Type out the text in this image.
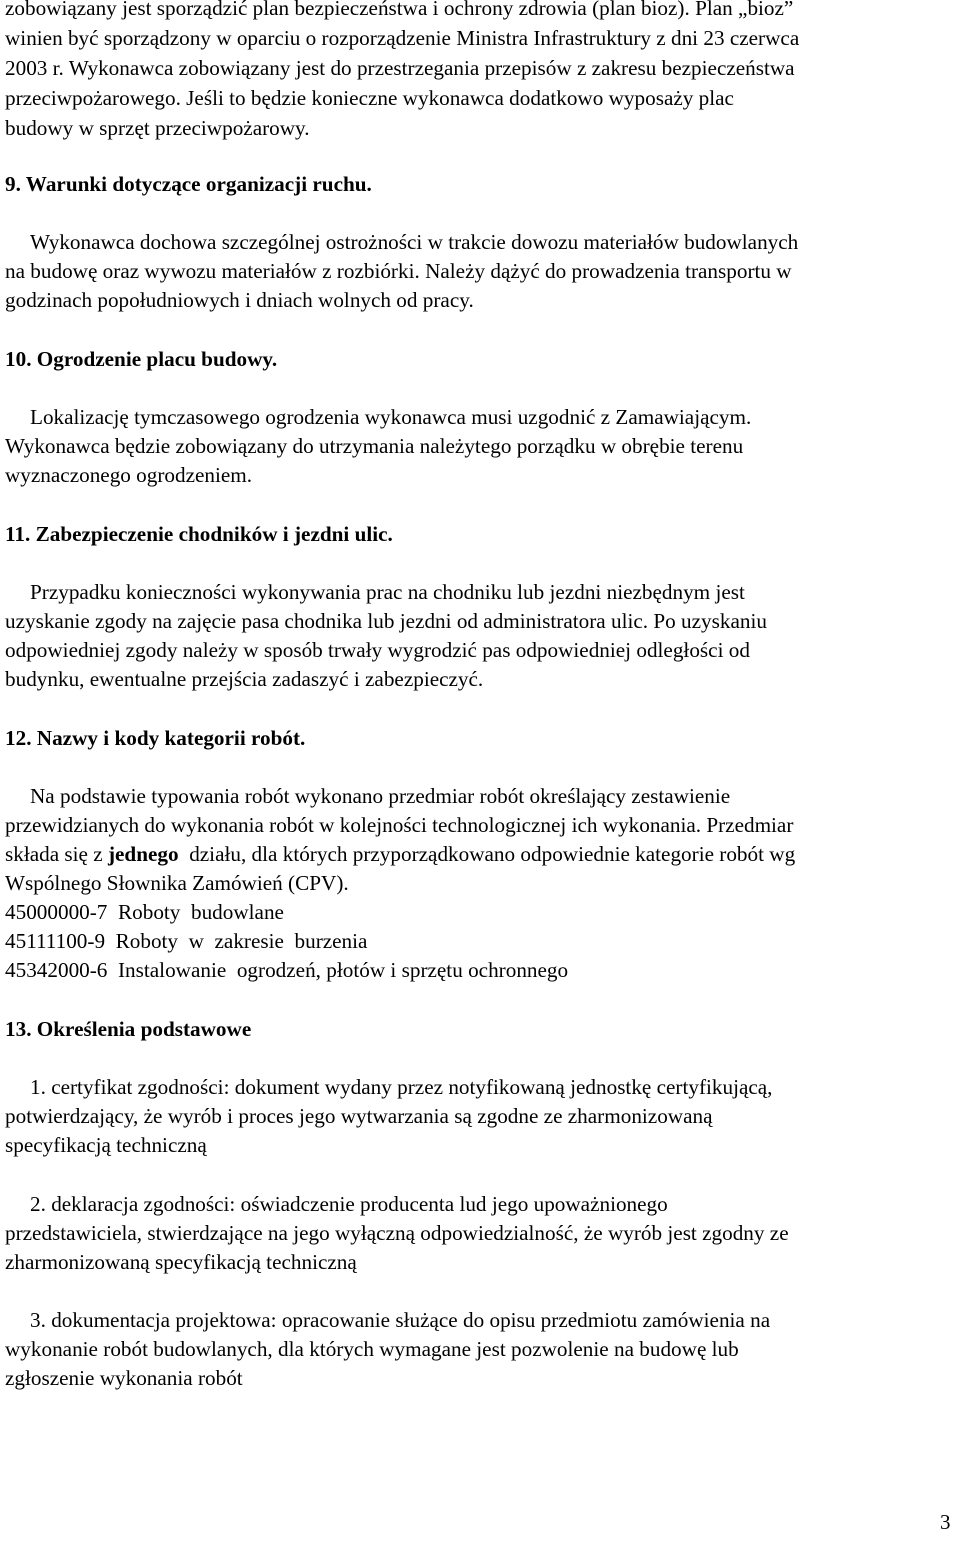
zobowiązany jest sporządzić plan bezpieczeństwa i ochrony zdrowia (plan bioz). Plan „bioz”
winien być sporządzony w oparciu o rozporządzenie Ministra Infrastruktury z dni 23 czerwca
2003 r. Wykonawca zobowiązany jest do przestrzegania przepisów z zakresu bezpieczeństwa
przeciwpożarowego. Jeśli to będzie konieczne wykonawca dodatkowo wyposaży plac
budowy w sprzęt przeciwpożarowy.
9. Warunki dotyczące organizacji ruchu.
Wykonawca dochowa szczególnej ostrożności w trakcie dowozu materiałów budowlanych
na budowę oraz wywozu materiałów z rozbiórki. Należy dążyć do prowadzenia transportu w
godzinach popołudniowych i dniach wolnych od pracy.
10. Ogrodzenie placu budowy.
Lokalizację tymczasowego ogrodzenia wykonawca musi uzgodnić z Zamawiającym.
Wykonawca będzie zobowiązany do utrzymania należytego porządku w obrębie terenu
wyznaczonego ogrodzeniem.
11. Zabezpieczenie chodników i jezdni ulic.
Przypadku konieczności wykonywania prac na chodniku lub jezdni niezbędnym jest
uzyskanie zgody na zajęcie pasa chodnika lub jezdni od administratora ulic. Po uzyskaniu
odpowiedniej zgody należy w sposób trwały wygrodzić pas odpowiedniej odległości od
budynku, ewentualne przejścia zadaszyć i zabezpieczyć.
12. Nazwy i kody kategorii robót.
Na podstawie typowania robót wykonano przedmiar robót określający zestawienie
przewidzianych do wykonania robót w kolejności technologicznej ich wykonania. Przedmiar
składa się z jednego  działu, dla których przyporządkowano odpowiednie kategorie robót wg
Wspólnego Słownika Zamówień (CPV).
45000000-7  Roboty  budowlane
45111100-9  Roboty  w  zakresie  burzenia
45342000-6  Instalowanie  ogrodzeń, płotów i sprzętu ochronnego
13. Określenia podstawowe
1. certyfikat zgodności: dokument wydany przez notyfikowaną jednostkę certyfikującą,
potwierdzający, że wyrób i proces jego wytwarzania są zgodne ze zharmonizowaną
specyfikacją techniczną
2. deklaracja zgodności: oświadczenie producenta lud jego upoważnionego
przedstawiciela, stwierdzające na jego wyłączną odpowiedzialność, że wyrób jest zgodny ze
zharmonizowaną specyfikacją techniczną
3. dokumentacja projektowa: opracowanie służące do opisu przedmiotu zamówienia na
wykonanie robót budowlanych, dla których wymagane jest pozwolenie na budowę lub
zgłoszenie wykonania robót
3
